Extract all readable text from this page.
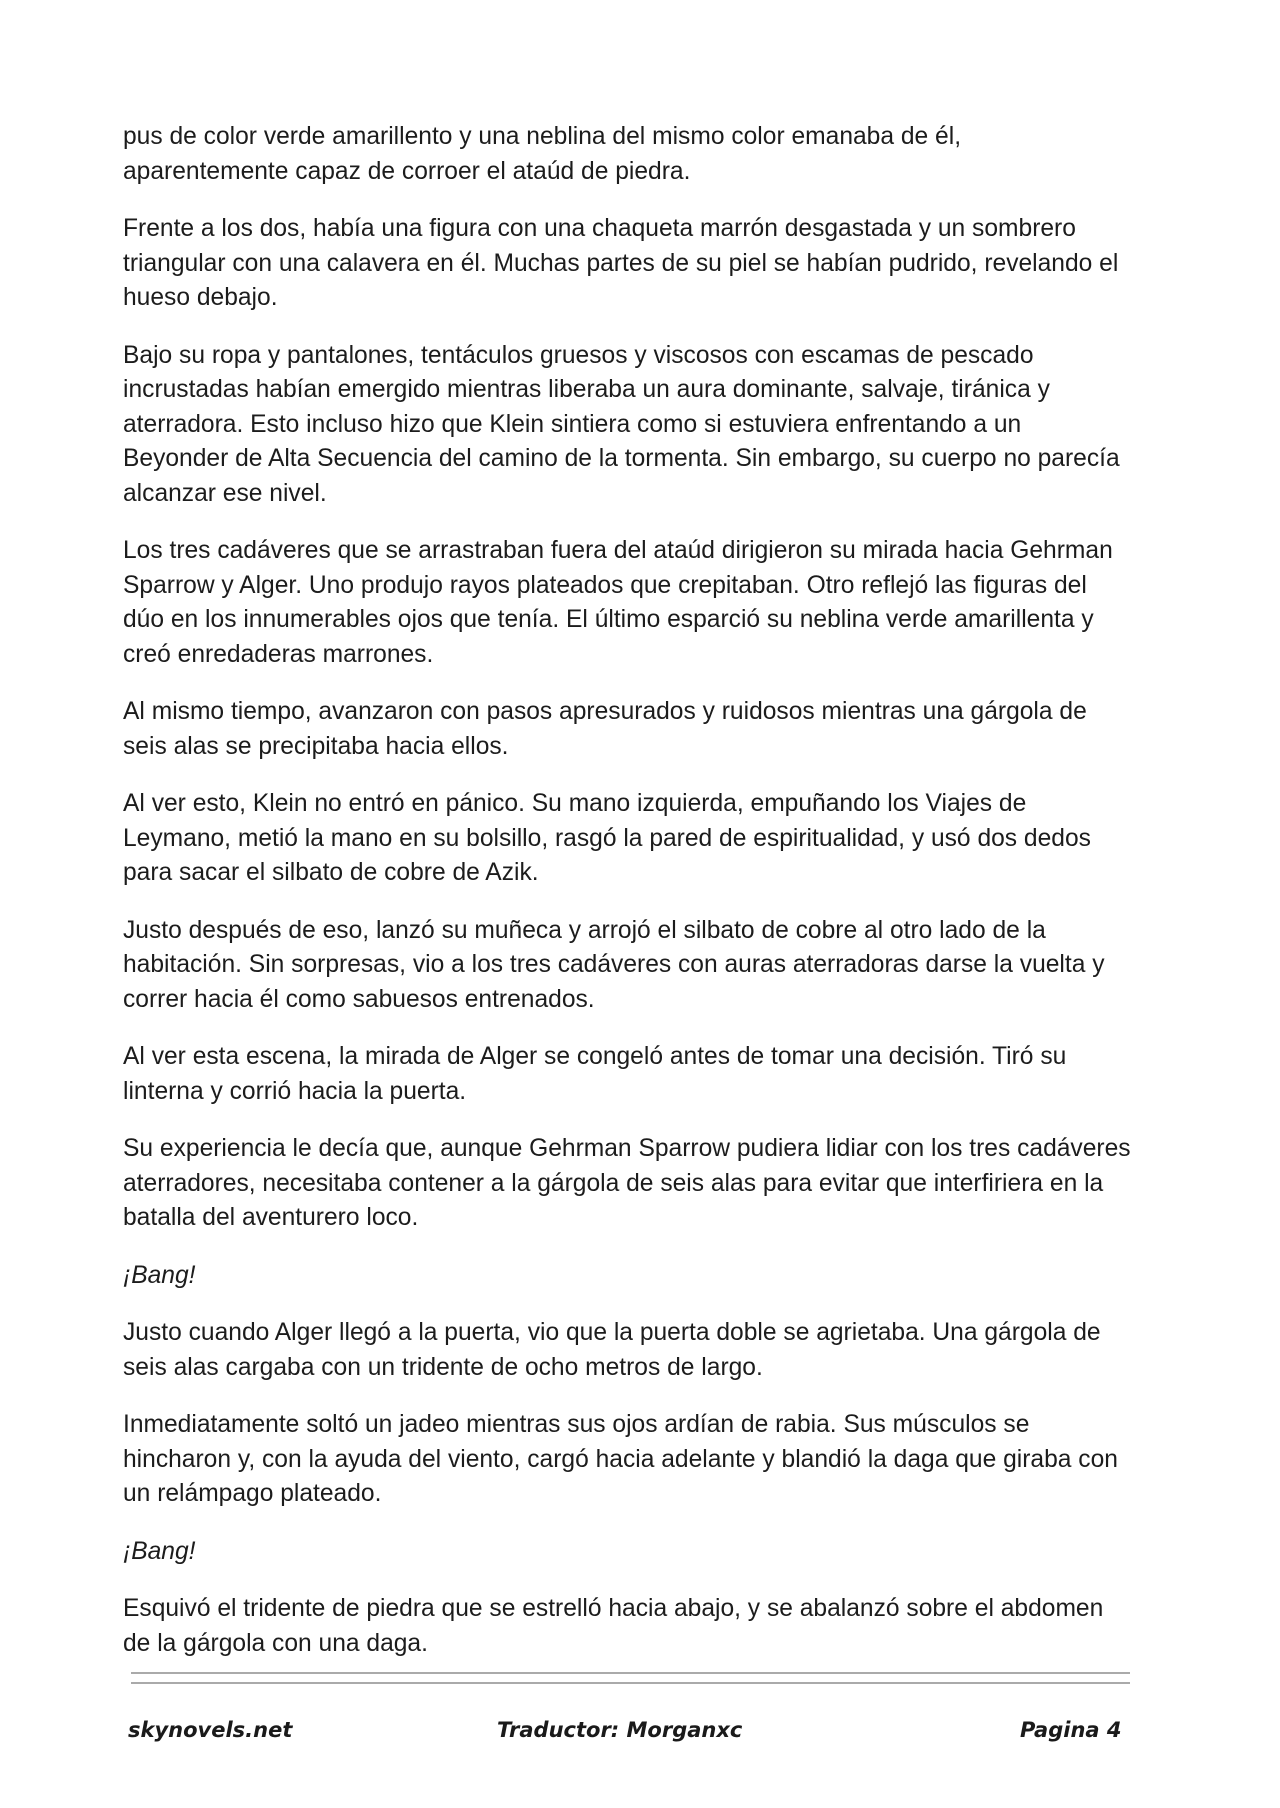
pus de color verde amarillento y una neblina del mismo color emanaba de él, aparentemente capaz de corroer el ataúd de piedra.

Frente a los dos, había una figura con una chaqueta marrón desgastada y un sombrero triangular con una calavera en él. Muchas partes de su piel se habían pudrido, revelando el hueso debajo.

Bajo su ropa y pantalones, tentáculos gruesos y viscosos con escamas de pescado incrustadas habían emergido mientras liberaba un aura dominante, salvaje, tiránica y aterradora. Esto incluso hizo que Klein sintiera como si estuviera enfrentando a un Beyonder de Alta Secuencia del camino de la tormenta. Sin embargo, su cuerpo no parecía alcanzar ese nivel.

Los tres cadáveres que se arrastraban fuera del ataúd dirigieron su mirada hacia Gehrman Sparrow y Alger. Uno produjo rayos plateados que crepitaban. Otro reflejó las figuras del dúo en los innumerables ojos que tenía. El último esparció su neblina verde amarillenta y creó enredaderas marrones.

Al mismo tiempo, avanzaron con pasos apresurados y ruidosos mientras una gárgola de seis alas se precipitaba hacia ellos.

Al ver esto, Klein no entró en pánico. Su mano izquierda, empuñando los Viajes de Leymano, metió la mano en su bolsillo, rasgó la pared de espiritualidad, y usó dos dedos para sacar el silbato de cobre de Azik.

Justo después de eso, lanzó su muñeca y arrojó el silbato de cobre al otro lado de la habitación. Sin sorpresas, vio a los tres cadáveres con auras aterradoras darse la vuelta y correr hacia él como sabuesos entrenados.

Al ver esta escena, la mirada de Alger se congeló antes de tomar una decisión. Tiró su linterna y corrió hacia la puerta.

Su experiencia le decía que, aunque Gehrman Sparrow pudiera lidiar con los tres cadáveres aterradores, necesitaba contener a la gárgola de seis alas para evitar que interfiriera en la batalla del aventurero loco.

¡Bang!

Justo cuando Alger llegó a la puerta, vio que la puerta doble se agrietaba. Una gárgola de seis alas cargaba con un tridente de ocho metros de largo.

Inmediatamente soltó un jadeo mientras sus ojos ardían de rabia. Sus músculos se hincharon y, con la ayuda del viento, cargó hacia adelante y blandió la daga que giraba con un relámpago plateado.

¡Bang!

Esquivó el tridente de piedra que se estrelló hacia abajo, y se abalanzó sobre el abdomen de la gárgola con una daga.

skynovels.net	Traductor: Morganxc	Pagina 4
